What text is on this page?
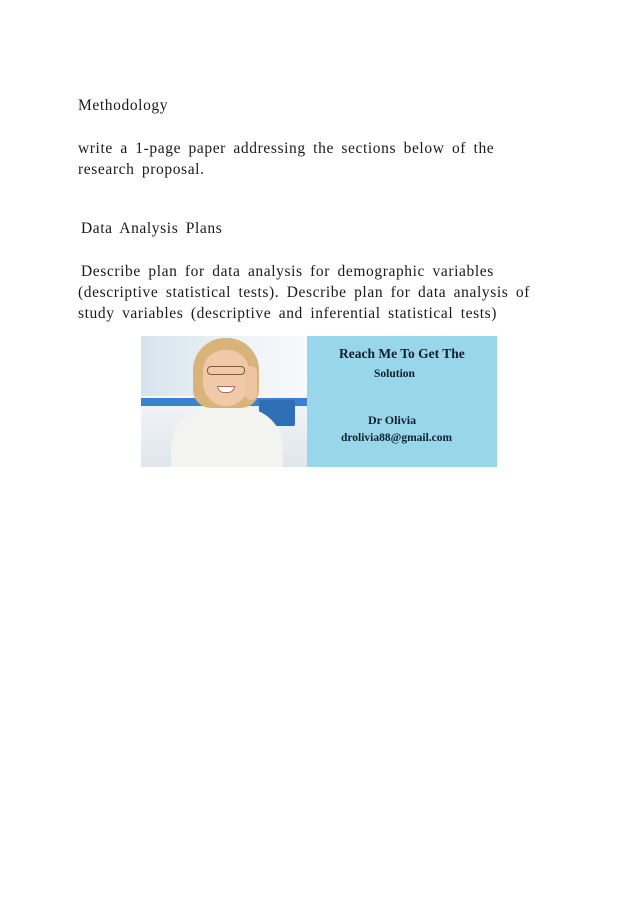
Methodology
write a 1-page paper addressing the sections below of the
research proposal.
Data Analysis Plans
Describe plan for data analysis for demographic variables
(descriptive statistical tests). Describe plan for data analysis of
study variables (descriptive and inferential statistical tests)
Reach Me To Get The
Solution
Dr Olivia
drolivia88@gmail.com
